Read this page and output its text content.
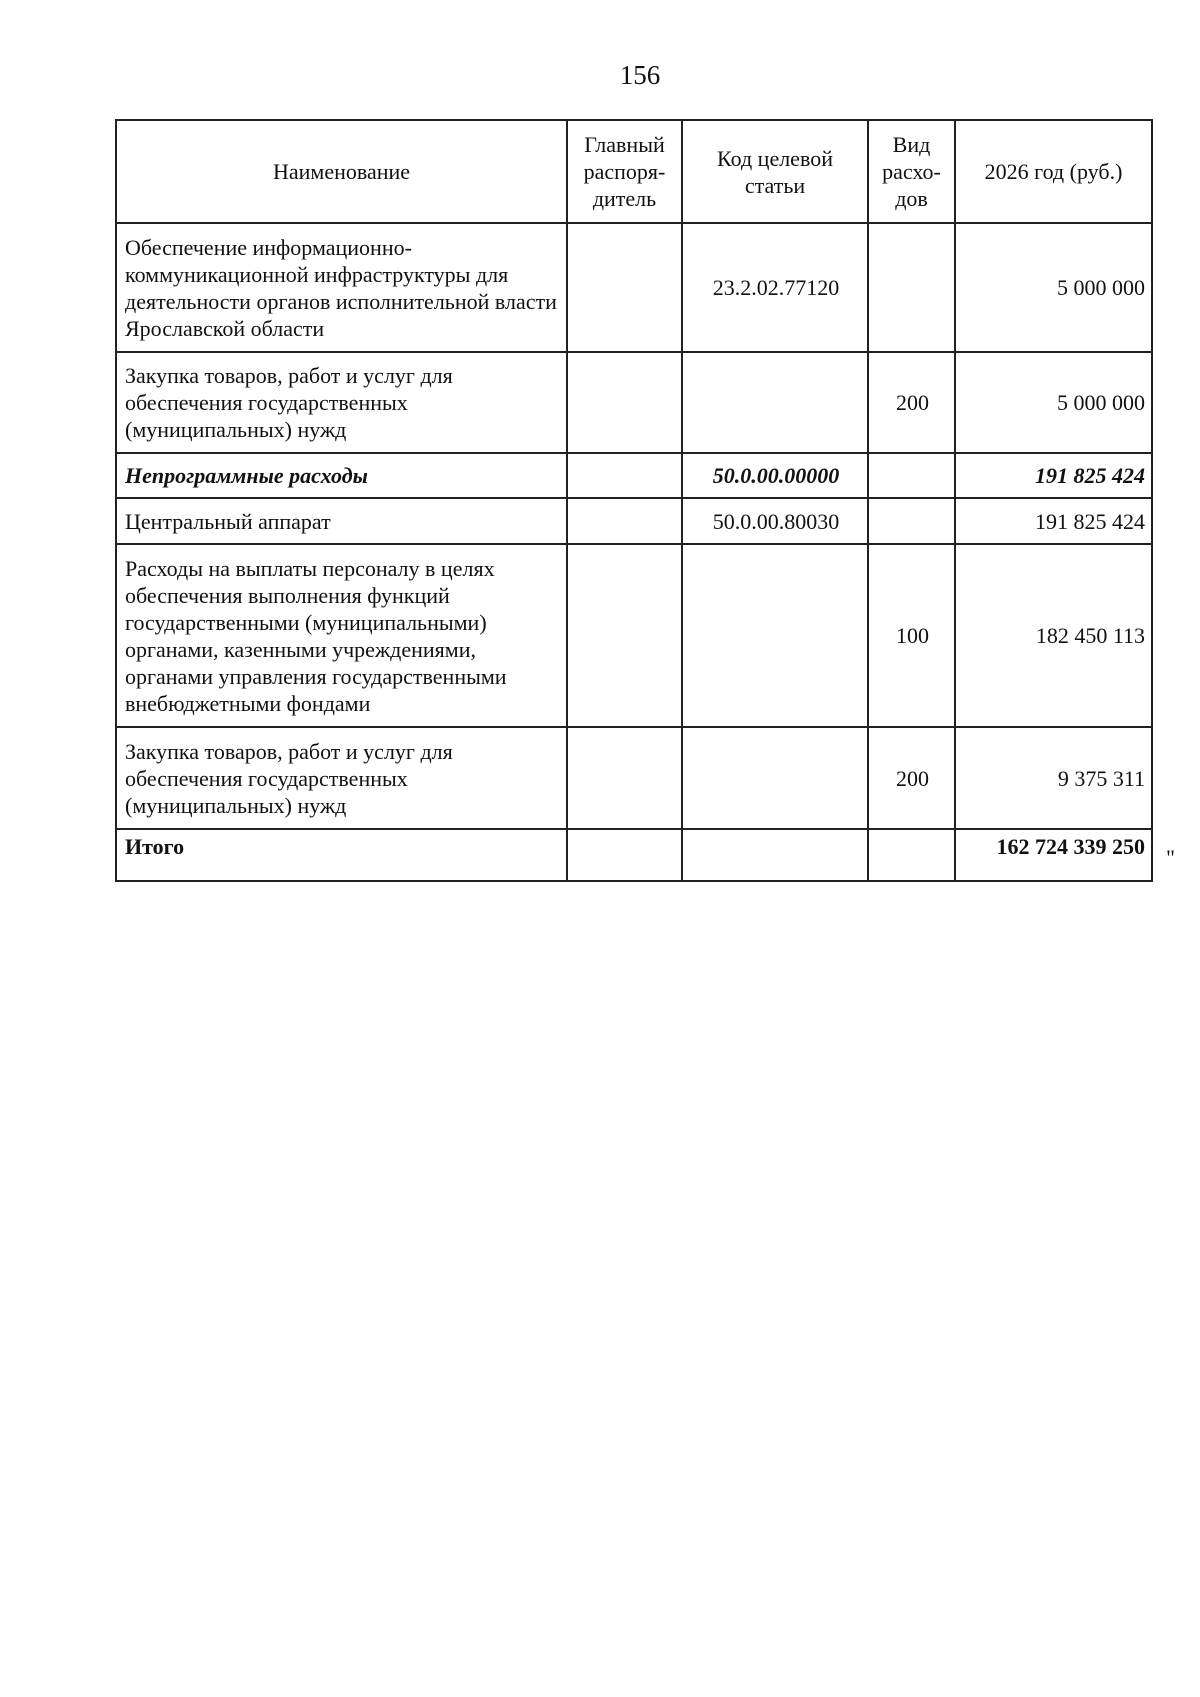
156
Наименование	Главный распоря-дитель	Код целевой статьи	Вид расхо-дов	2026 год (руб.)
Обеспечение информационно-коммуникационной инфраструктуры для деятельности органов исполнительной власти Ярославской области		23.2.02.77120		5 000 000
Закупка товаров, работ и услуг для обеспечения государственных (муниципальных) нужд			200	5 000 000
Непрограммные расходы		50.0.00.00000		191 825 424
Центральный аппарат		50.0.00.80030		191 825 424
Расходы на выплаты персоналу в целях обеспечения выполнения функций государственными (муниципальными) органами, казенными учреждениями, органами управления государственными внебюджетными фондами			100	182 450 113
Закупка товаров, работ и услуг для обеспечения государственных (муниципальных) нужд			200	9 375 311
Итого				162 724 339 250 "
